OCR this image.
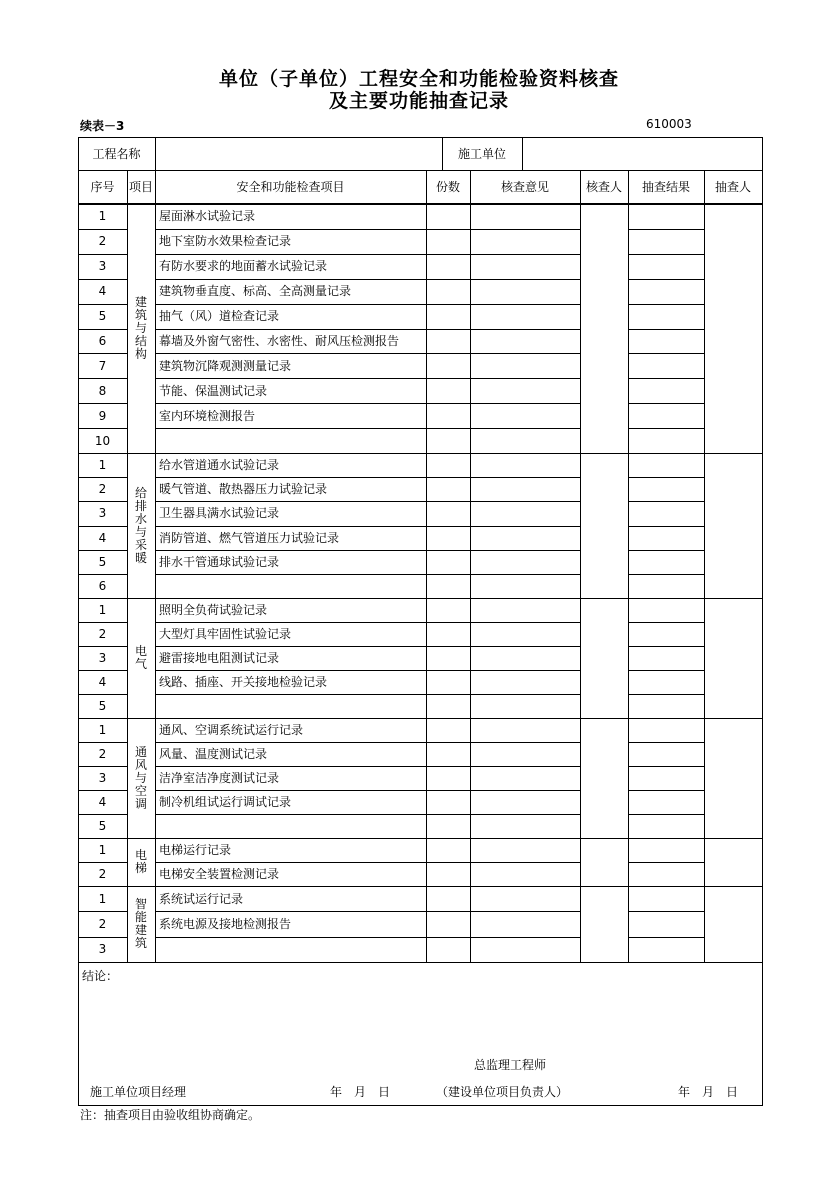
单位（子单位）工程安全和功能检验资料核查
及主要功能抽查记录
续表－3	610003
工程名称	施工单位
序号	项目	安全和功能检查项目	份数	核查意见	核查人	抽查结果	抽查人
1	屋面淋水试验记录
2	地下室防水效果检查记录
3	有防水要求的地面蓄水试验记录
4	建筑物垂直度、标高、全高测量记录
5	抽气（风）道检查记录
6	幕墙及外窗气密性、水密性、耐风压检测报告
7	建筑物沉降观测测量记录
8	节能、保温测试记录
9	室内环境检测报告
10
建筑与结构
1	给水管道通水试验记录
2	暖气管道、散热器压力试验记录
3	卫生器具满水试验记录
4	消防管道、燃气管道压力试验记录
5	排水干管通球试验记录
6
给排水与采暖
1	照明全负荷试验记录
2	大型灯具牢固性试验记录
3	避雷接地电阻测试记录
4	线路、插座、开关接地检验记录
5
电气
1	通风、空调系统试运行记录
2	风量、温度测试记录
3	洁净室洁净度测试记录
4	制冷机组试运行调试记录
5
通风与空调
1	电梯运行记录
2	电梯安全装置检测记录
电梯
1	系统试运行记录
2	系统电源及接地检测报告
3
智能建筑
结论：
总监理工程师
施工单位项目经理	年　月　日	（建设单位项目负责人）	年　月　日
注：抽查项目由验收组协商确定。
